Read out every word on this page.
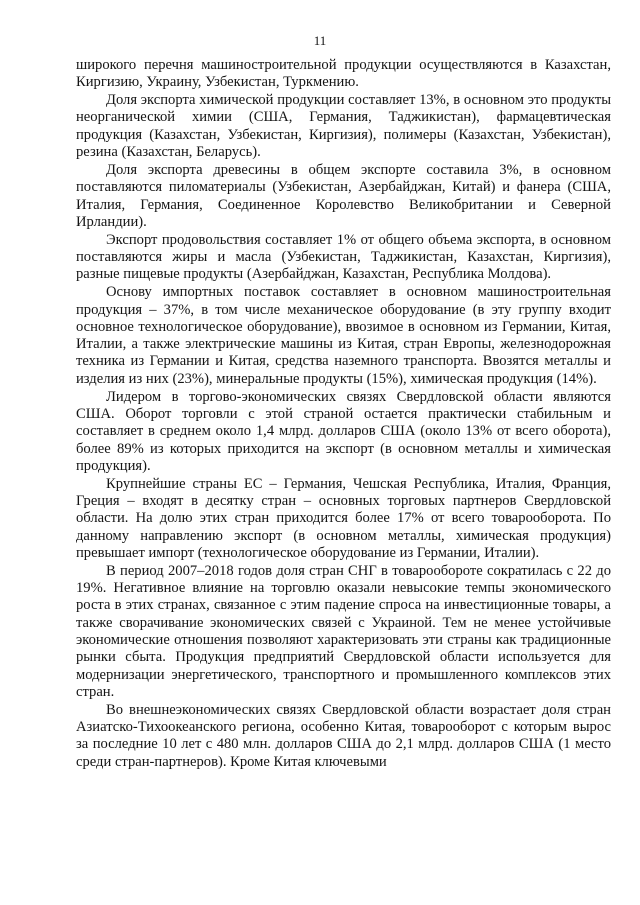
11

широкого перечня машиностроительной продукции осуществляются в Казахстан, Киргизию, Украину, Узбекистан, Туркмению.

Доля экспорта химической продукции составляет 13%, в основном это продукты неорганической химии (США, Германия, Таджикистан), фармацевтическая продукция (Казахстан, Узбекистан, Киргизия), полимеры (Казахстан, Узбекистан), резина (Казахстан, Беларусь).

Доля экспорта древесины в общем экспорте составила 3%, в основном поставляются пиломатериалы (Узбекистан, Азербайджан, Китай) и фанера (США, Италия, Германия, Соединенное Королевство Великобритании и Северной Ирландии).

Экспорт продовольствия составляет 1% от общего объема экспорта, в основном поставляются жиры и масла (Узбекистан, Таджикистан, Казахстан, Киргизия), разные пищевые продукты (Азербайджан, Казахстан, Республика Молдова).

Основу импортных поставок составляет в основном машиностроительная продукция – 37%, в том числе механическое оборудование (в эту группу входит основное технологическое оборудование), ввозимое в основном из Германии, Китая, Италии, а также электрические машины из Китая, стран Европы, железнодорожная техника из Германии и Китая, средства наземного транспорта. Ввозятся металлы и изделия из них (23%), минеральные продукты (15%), химическая продукция (14%).

Лидером в торгово-экономических связях Свердловской области являются США. Оборот торговли с этой страной остается практически стабильным и составляет в среднем около 1,4 млрд. долларов США (около 13% от всего оборота), более 89% из которых приходится на экспорт (в основном металлы и химическая продукция).

Крупнейшие страны ЕС – Германия, Чешская Республика, Италия, Франция, Греция – входят в десятку стран – основных торговых партнеров Свердловской области. На долю этих стран приходится более 17% от всего товарооборота. По данному направлению экспорт (в основном металлы, химическая продукция) превышает импорт (технологическое оборудование из Германии, Италии).

В период 2007–2018 годов доля стран СНГ в товарообороте сократилась с 22 до 19%. Негативное влияние на торговлю оказали невысокие темпы экономического роста в этих странах, связанное с этим падение спроса на инвестиционные товары, а также сворачивание экономических связей с Украиной. Тем не менее устойчивые экономические отношения позволяют характеризовать эти страны как традиционные рынки сбыта. Продукция предприятий Свердловской области используется для модернизации энергетического, транспортного и промышленного комплексов этих стран.

Во внешнеэкономических связях Свердловской области возрастает доля стран Азиатско-Тихоокеанского региона, особенно Китая, товарооборот с которым вырос за последние 10 лет с 480 млн. долларов США до 2,1 млрд. долларов США (1 место среди стран-партнеров). Кроме Китая ключевыми
